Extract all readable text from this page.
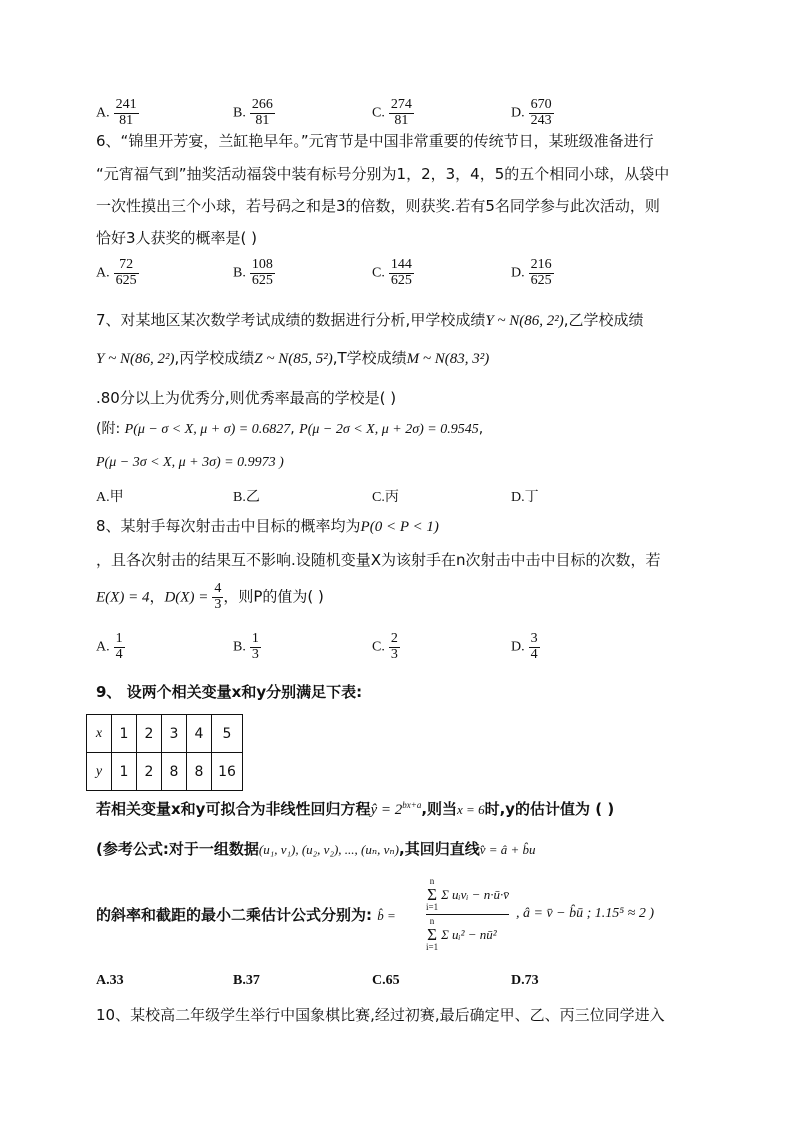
A. $\frac{241}{81}$	B. $\frac{266}{81}$	C. $\frac{274}{81}$	D. $\frac{670}{243}$
6、“锦里开芳宴，兰缸艳早年。”元宵节是中国非常重要的传统节日，某班级准备进行
“元宵福气到”抽奖活动福袋中装有标号分别为1，2，3，4，5的五个相同小球，从袋中
一次性摸出三个小球，若号码之和是3的倍数，则获奖.若有5名同学参与此次活动，则
恰好3人获奖的概率是( )
A. $\frac{72}{625}$	B. $\frac{108}{625}$	C. $\frac{144}{625}$	D. $\frac{216}{625}$
7、对某地区某次数学考试成绩的数据进行分析,甲学校成绩Y ~ N(86, 2²),乙学校成绩
Y ~ N(86, 2²),丙学校成绩Z ~ N(85, 5²),T学校成绩M ~ N(83, 3²)
.80分以上为优秀分,则优秀率最高的学校是( )
(附: P(μ − σ < X, μ + σ) = 0.6827, P(μ − 2σ < X, μ + 2σ) = 0.9545,
P(μ − 3σ < X, μ + 3σ) = 0.9973 )
A.甲	B.乙	C.丙	D.丁
8、某射手每次射击击中目标的概率均为P(0 < P < 1)
，且各次射击的结果互不影响.设随机变量X为该射手在n次射击中击中目标的次数，若
E(X) = 4，$D(X) = \frac{4}{3}$ ，则P的值为( )
A. $\frac{1}{4}$	B. $\frac{1}{3}$	C. $\frac{2}{3}$	D. $\frac{3}{4}$
9、 设两个相关变量x和y分别满足下表:
x	1	2	3	4	5
y	1	2	8	8	16
若相关变量x和y可拟合为非线性回归方程ŷ = $2^{bx+a}$,则当x = 6时,y的估计值为 ( )
(参考公式:对于一组数据(u₁, v₁), (u₂, v₂), ..., (uₙ, vₙ),其回归直线v̂ = â + b̂u
的斜率和截距的最小二乘估计公式分别为: b̂ =
n
Σ
i=1
Σ uᵢvᵢ − n·ū·v̄
n
Σ
i=1
Σ uᵢ² − nū²
, â = v̄ − b̂ū ; 1.15⁵ ≈ 2 )
A.33	B.37	C.65	D.73
10、某校高二年级学生举行中国象棋比赛,经过初赛,最后确定甲、乙、丙三位同学进入
